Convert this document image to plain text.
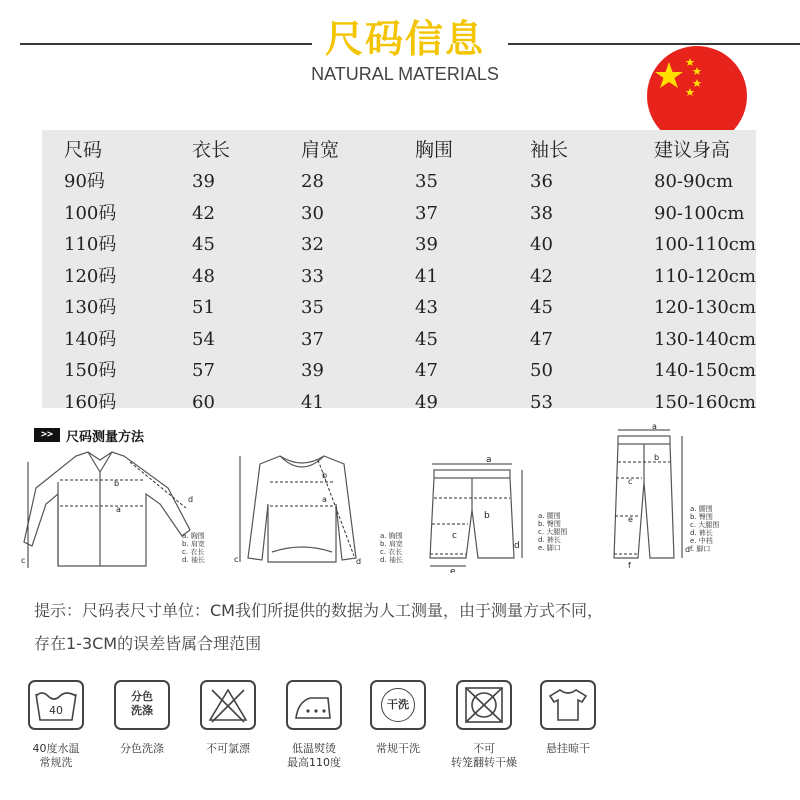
尺码信息
NATURAL MATERIALS
尺码	衣长	肩宽	胸围	袖长	建议身高
90码	39	28	35	36	80-90cm
100码	42	30	37	38	90-100cm
110码	45	32	39	40	100-110cm
120码	48	33	41	42	110-120cm
130码	51	35	43	45	120-130cm
140码	54	37	45	47	130-140cm
150码	57	39	47	50	140-150cm
160码	60	41	49	53	150-160cm
>> 尺码测量方法
a
b
c
d
a. 胸围
b. 肩宽
c. 衣长
d. 袖长
a
b
c	d
a. 胸围
b. 肩宽
c. 衣长
d. 袖长
a
b
c
d
e
a. 腰围
b. 臀围
c. 大腿围
d. 裤长
e. 脚口
a
b
c
d
e
f
a. 腰围
b. 臀围
c. 大腿围
d. 裤长
e. 中档
f. 脚口
提示：尺码表尺寸单位：CM我们所提供的数据为人工测量，由于测量方式不同，
存在1-3CM的误差皆属合理范围
40
分色
洗涤	干洗
40度水温
常规洗
分色洗涤	不可氯漂	低温熨烫
最高110度
常规干洗	不可
转笼翻转干燥
悬挂晾干
